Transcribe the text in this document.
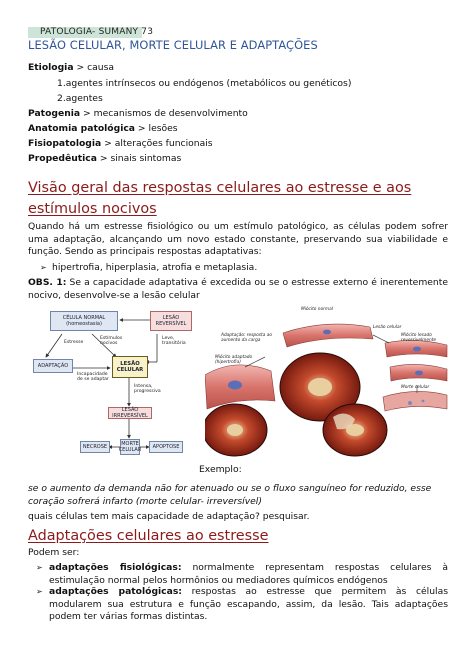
PATOLOGIA- SUMANY 73
LESÃO CELULAR, MORTE CELULAR E ADAPTAÇÕES
Etiologia > causa
1.agentes intrínsecos ou endógenos (metabólicos ou genéticos)
2.agentes
Patogenia > mecanismos de desenvolvimento
Anatomia patológica > lesões
Fisiopatologia > alterações funcionais
Propedêutica > sinais sintomas
Visão geral das respostas celulares ao estresse e aos
estímulos nocivos
Quando há um estresse fisiológico ou um estímulo patológico, as células podem sofrer uma adaptação, alcançando um novo estado constante, preservando sua viabilidade e função. Sendo as principais respostas adaptativas:
➢ hipertrofia, hiperplasia, atrofia e metaplasia.
OBS. 1: Se a capacidade adaptativa é excedida ou se o estresse externo é inerentemente nocivo, desenvolve-se a lesão celular
CÉLULA NORMAL (homeostasia)
LESÃO REVERSÍVEL
Estresse
Estímulos nocivos
Leve, transitória
ADAPTAÇÃO
Incapacidade de se adaptar
LESÃO CELULAR
Intensa, progressiva
LESÃO IRREVERSÍVEL
NECROSE	MORTE CELULAR	APOPTOSE
Miócito normal
Adaptação: resposta ao aumento da carga
Lesão celular
Miócito lesado reversivelmente
Miócito adaptado (hipertrofia)
Morte celular
Exemplo:
se o aumento da demanda não for atenuado ou se o fluxo sanguíneo for reduzido, esse
coração sofrerá infarto (morte celular- irreversível)
quais células tem mais capacidade de adaptação? pesquisar.
Adaptações celulares ao estresse
Podem ser:
➢ adaptações fisiológicas: normalmente representam respostas celulares à estimulação normal pelos hormônios ou mediadores químicos endógenos
➢ adaptações patológicas: respostas ao estresse que permitem às células modularem sua estrutura e função escapando, assim, da lesão. Tais adaptações podem ter várias formas distintas.
